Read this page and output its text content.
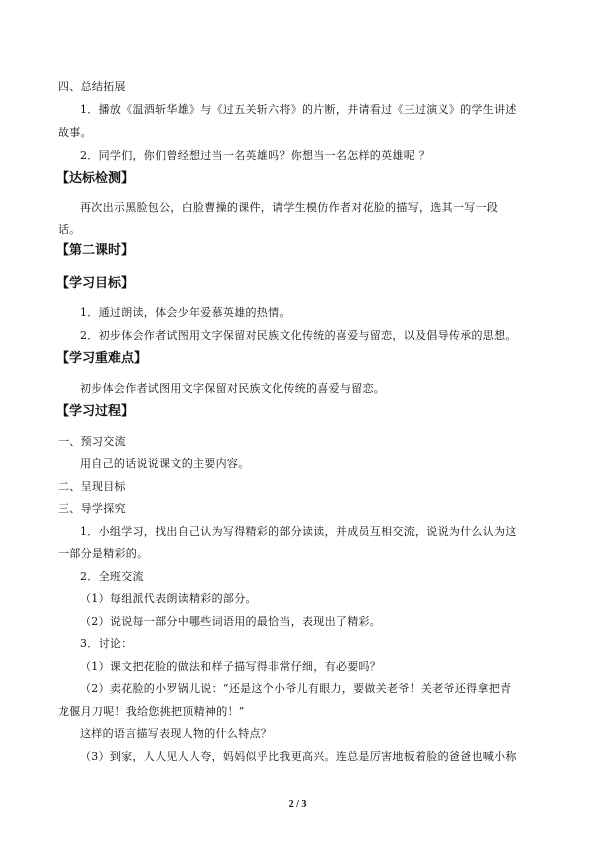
四、总结拓展
1．播放《温酒斩华雄》与《过五关斩六将》的片断，并请看过《三过演义》的学生讲述
故事。
2．同学们，你们曾经想过当一名英雄吗？你想当一名怎样的英雄呢 ？
【达标检测】
再次出示黑脸包公，白脸曹操的课件，请学生模仿作者对花脸的描写，选其一写一段
话。
【第二课时】
【学习目标】
1．通过朗读，体会少年爱慕英雄的热情。
2．初步体会作者试图用文字保留对民族文化传统的喜爱与留恋，以及倡导传承的思想。
【学习重难点】
初步体会作者试图用文字保留对民族文化传统的喜爱与留恋。
【学习过程】
一、预习交流
用自己的话说说课文的主要内容。
二、呈现目标
三、导学探究
1．小组学习，找出自己认为写得精彩的部分读读，并成员互相交流，说说为什么认为这
一部分是精彩的。
2．全班交流
（1）每组派代表朗读精彩的部分。
（2）说说每一部分中哪些词语用的最恰当，表现出了精彩。
3．讨论：
（1）课文把花脸的做法和样子描写得非常仔细，有必要吗？
（2）卖花脸的小罗锅儿说：“还是这个小爷儿有眼力，要做关老爷！关老爷还得拿把青
龙偃月刀呢！我给您挑把顶精神的！”
这样的语言描写表现人物的什么特点？
（3）到家，人人见人人夸，妈妈似乎比我更高兴。连总是厉害地板着脸的爸爸也喊小称
2 / 3
